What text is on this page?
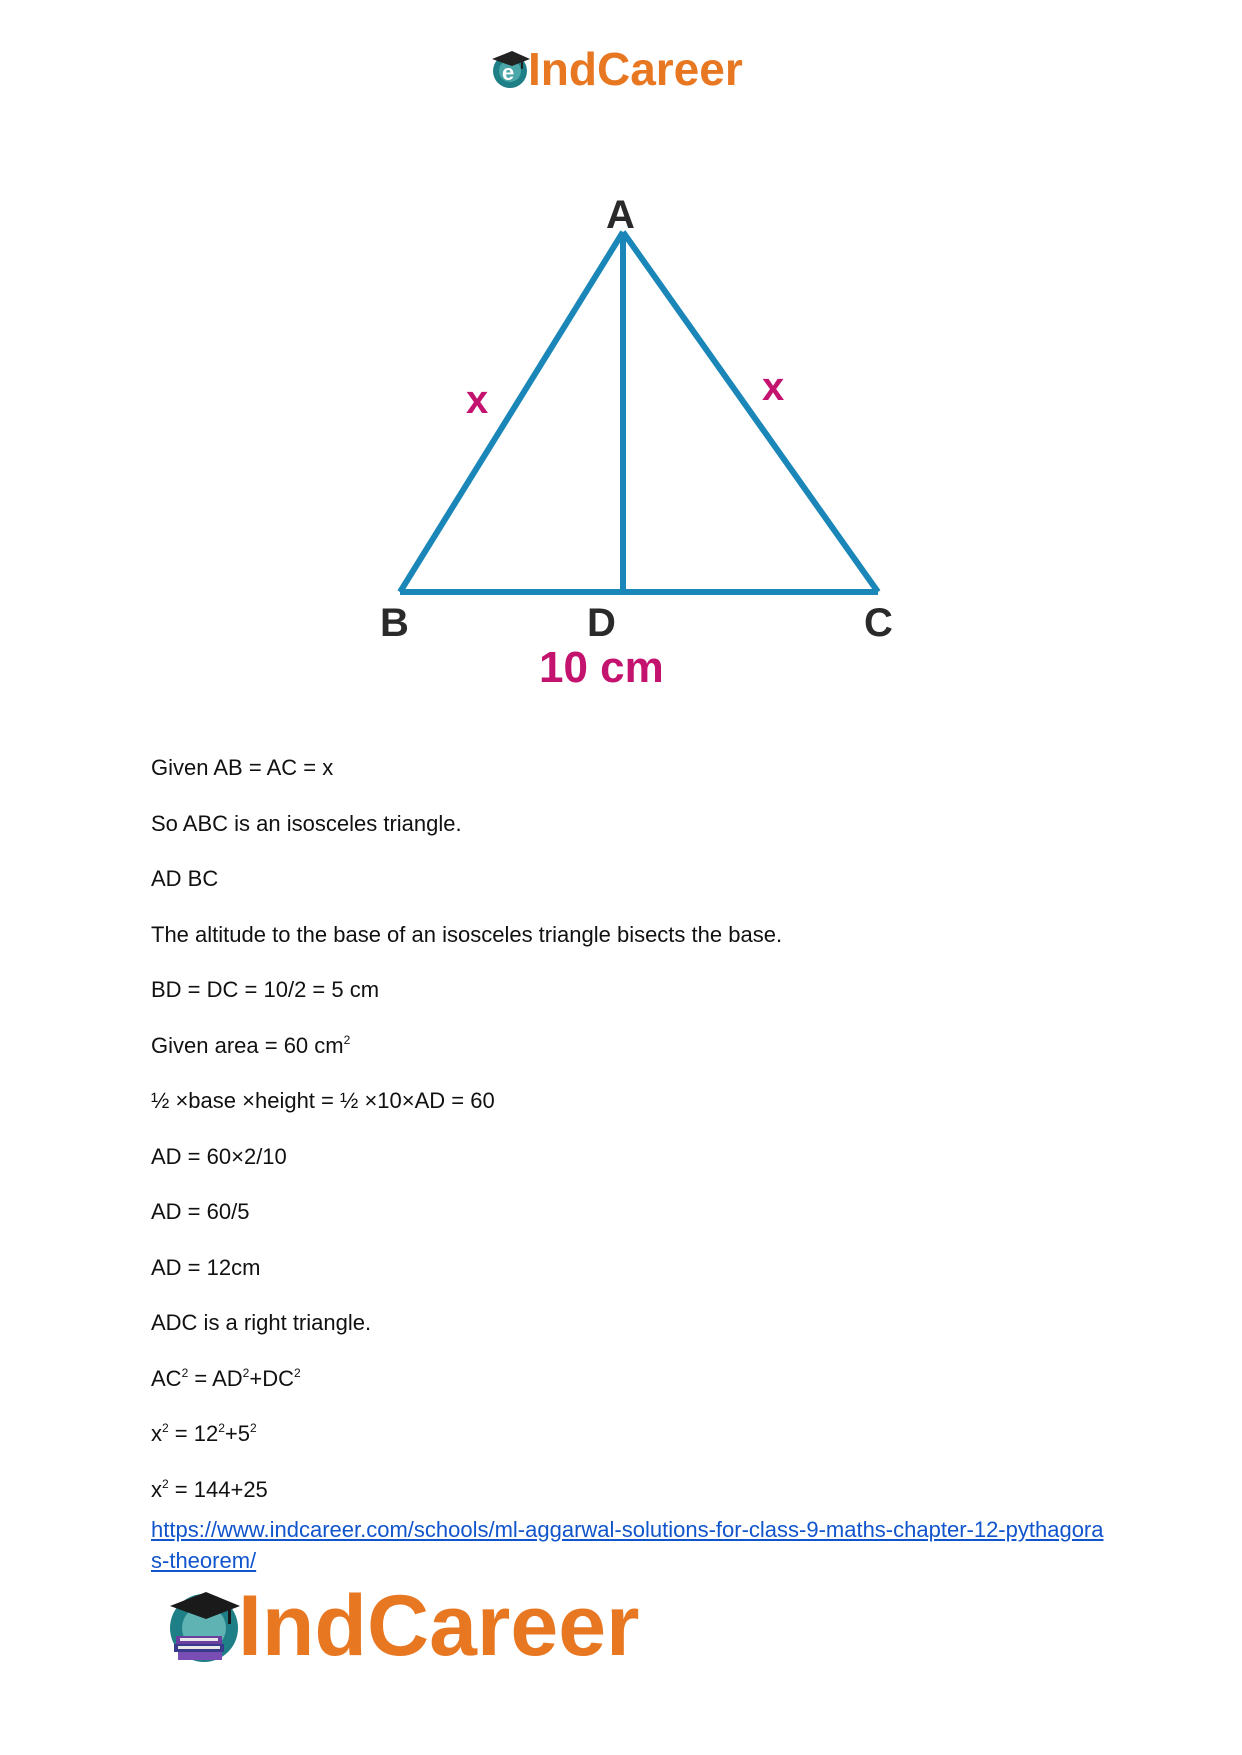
e IndCareer
A
B	D	C
x	x
10 cm
Given AB = AC = x
So ABC is an isosceles triangle.
AD BC
The altitude to the base of an isosceles triangle bisects the base.
BD = DC = 10/2 = 5 cm
Given area = 60 $cm^2$
½ ×base ×height = ½ ×10×AD = 60
AD = 60×2/10
AD = 60/5
AD = 12cm
ADC is a right triangle.
$AC^2 = AD^2+DC^2$
$x^2 = 12^2+5^2$
$x^2 = 144+25$
https://www.indcareer.com/schools/ml-aggarwal-solutions-for-class-9-maths-chapter-12-pythagoras-theorem/
IndCareer
